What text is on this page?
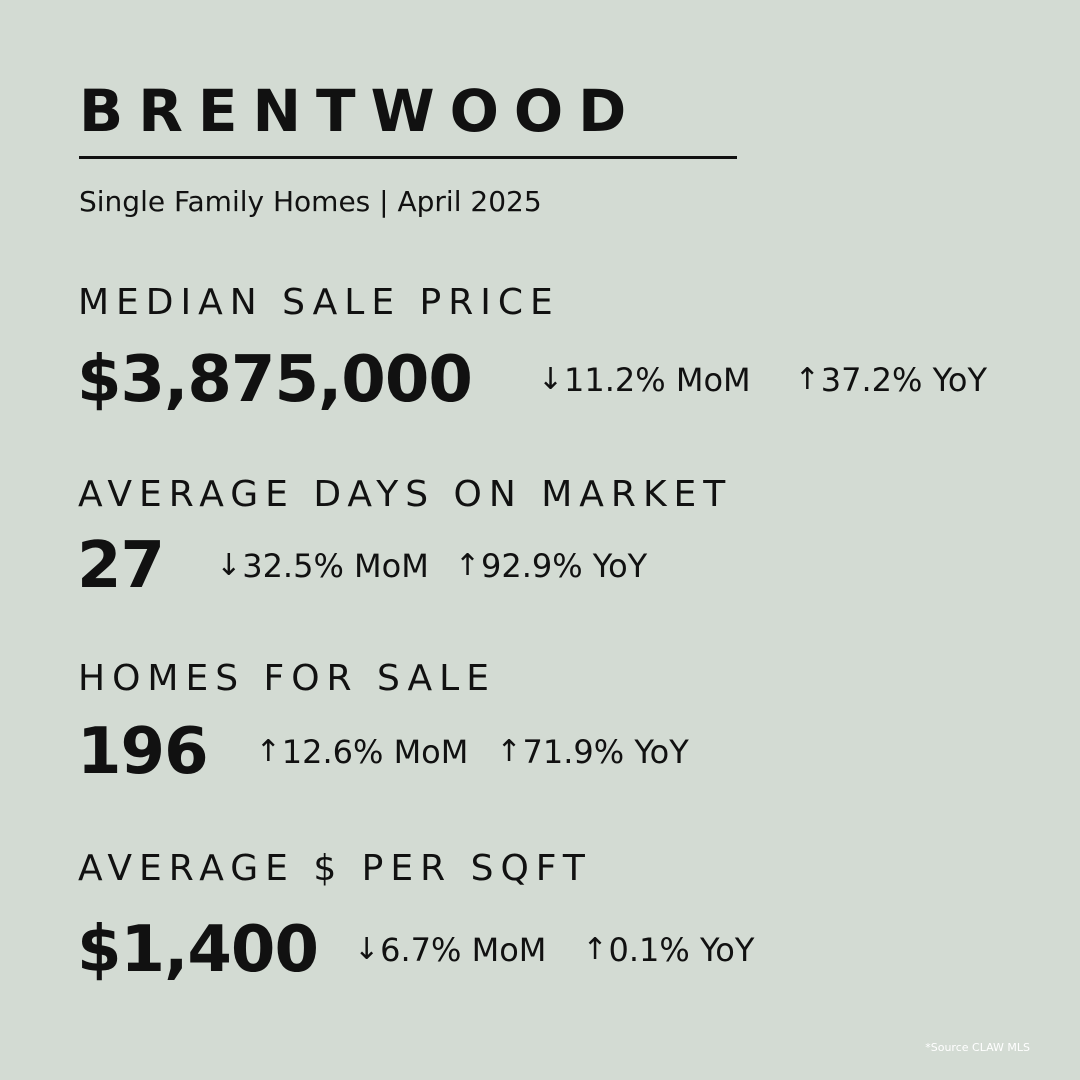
BRENTWOOD
Single Family Homes | April 2025
MEDIAN SALE PRICE
$3,875,000 ↓ 11.2% MoM ↑ 37.2% YoY
AVERAGE DAYS ON MARKET
27 ↓ 32.5% MoM ↑ 92.9% YoY
HOMES FOR SALE
196 ↑ 12.6% MoM ↑ 71.9% YoY
AVERAGE $ PER SQFT
$1,400 ↓ 6.7% MoM ↑ 0.1% YoY
*Source CLAW MLS
